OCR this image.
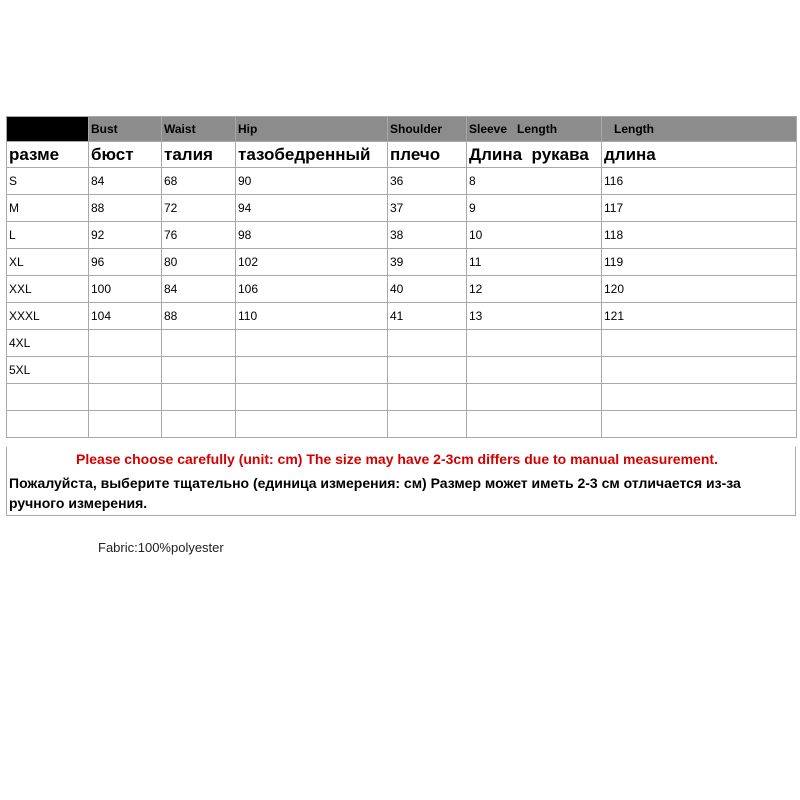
Size	Bust	Waist	Hip	Shoulder	Sleeve   Length	Length
разме	бюст	талия	тазобедренный	плечо	Длина  рукава	длина
S	84	68	90	36	8	116
M	88	72	94	37	9	117
L	92	76	98	38	10	118
XL	96	80	102	39	11	119
XXL	100	84	106	40	12	120
XXXL	104	88	110	41	13	121
4XL						
5XL						

Please choose carefully (unit: cm) The size may have 2-3cm differs due to manual measurement.
Пожалуйста, выберите тщательно (единица измерения: см) Размер может иметь 2-3 см отличается из-за ручного измерения.
Fabric:100%polyester
